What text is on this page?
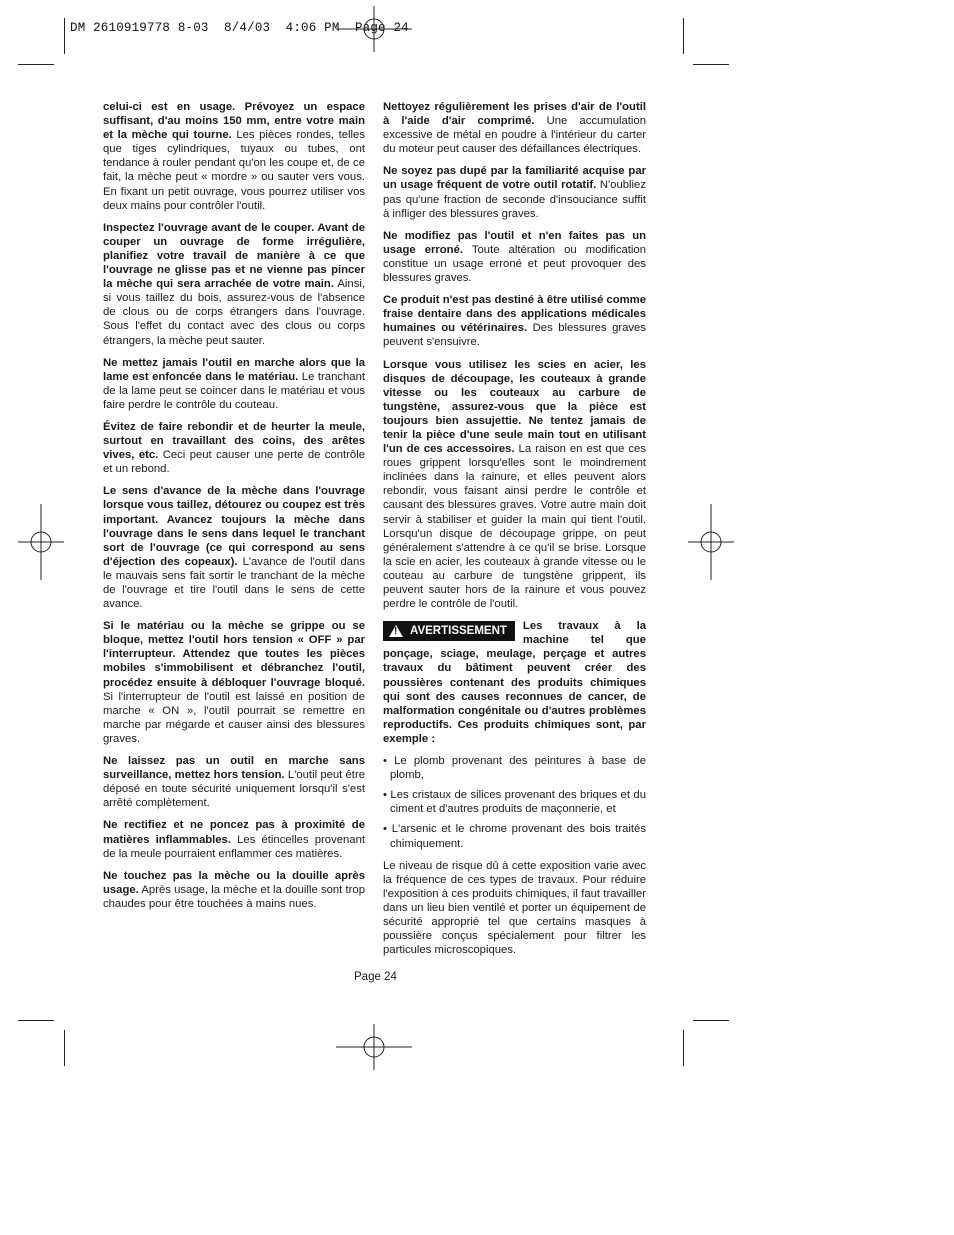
DM 2610919778 8-03  8/4/03  4:06 PM  Page 24

celui-ci est en usage. Prévoyez un espace suffisant, d'au moins 150 mm, entre votre main et la mèche qui tourne. Les pièces rondes, telles que tiges cylindriques, tuyaux ou tubes, ont tendance à rouler pendant qu'on les coupe et, de ce fait, la mèche peut « mordre » ou sauter vers vous. En fixant un petit ouvrage, vous pourrez utiliser vos deux mains pour contrôler l'outil.

Inspectez l'ouvrage avant de le couper. Avant de couper un ouvrage de forme irrégulière, planifiez votre travail de manière à ce que l'ouvrage ne glisse pas et ne vienne pas pincer la mèche qui sera arrachée de votre main. Ainsi, si vous taillez du bois, assurez-vous de l'absence de clous ou de corps étrangers dans l'ouvrage. Sous l'effet du contact avec des clous ou corps étrangers, la mèche peut sauter.

Ne mettez jamais l'outil en marche alors que la lame est enfoncée dans le matériau. Le tranchant de la lame peut se coincer dans le matériau et vous faire perdre le contrôle du couteau.

Évitez de faire rebondir et de heurter la meule, surtout en travaillant des coins, des arêtes vives, etc. Ceci peut causer une perte de contrôle et un rebond.

Le sens d'avance de la mèche dans l'ouvrage lorsque vous taillez, détourez ou coupez est très important. Avancez toujours la mèche dans l'ouvrage dans le sens dans lequel le tranchant sort de l'ouvrage (ce qui correspond au sens d'éjection des copeaux). L'avance de l'outil dans le mauvais sens fait sortir le tranchant de la mèche de l'ouvrage et tire l'outil dans le sens de cette avance.

Si le matériau ou la mèche se grippe ou se bloque, mettez l'outil hors tension « OFF » par l'interrupteur. Attendez que toutes les pièces mobiles s'immobilisent et débranchez l'outil, procédez ensuite à débloquer l'ouvrage bloqué. Si l'interrupteur de l'outil est laissé en position de marche « ON », l'outil pourrait se remettre en marche par mégarde et causer ainsi des blessures graves.

Ne laissez pas un outil en marche sans surveillance, mettez hors tension. L'outil peut être déposé en toute sécurité uniquement lorsqu'il s'est arrêté complètement.

Ne rectifiez et ne poncez pas à proximité de matières inflammables. Les étincelles provenant de la meule pourraient enflammer ces matières.

Ne touchez pas la mèche ou la douille après usage. Après usage, la mèche et la douille sont trop chaudes pour être touchées à mains nues.

Nettoyez régulièrement les prises d'air de l'outil à l'aide d'air comprimé. Une accumulation excessive de métal en poudre à l'intérieur du carter du moteur peut causer des défaillances électriques.

Ne soyez pas dupé par la familiarité acquise par un usage fréquent de votre outil rotatif. N'oubliez pas qu'une fraction de seconde d'insouciance suffit à infliger des blessures graves.

Ne modifiez pas l'outil et n'en faites pas un usage erroné. Toute altération ou modification constitue un usage erroné et peut provoquer des blessures graves.

Ce produit n'est pas destiné à être utilisé comme fraise dentaire dans des applications médicales humaines ou vétérinaires. Des blessures graves peuvent s'ensuivre.

Lorsque vous utilisez les scies en acier, les disques de découpage, les couteaux à grande vitesse ou les couteaux au carbure de tungstène, assurez-vous que la pièce est toujours bien assujettie. Ne tentez jamais de tenir la pièce d'une seule main tout en utilisant l'un de ces accessoires. La raison en est que ces roues grippent lorsqu'elles sont le moindrement inclinées dans la rainure, et elles peuvent alors rebondir, vous faisant ainsi perdre le contrôle et causant des blessures graves. Votre autre main doit servir à stabiliser et guider la main qui tient l'outil. Lorsqu'un disque de découpage grippe, on peut généralement s'attendre à ce qu'il se brise. Lorsque la scie en acier, les couteaux à grande vitesse ou le couteau au carbure de tungstène grippent, ils peuvent sauter hors de la rainure et vous pouvez perdre le contrôle de l'outil.

! AVERTISSEMENT Les travaux à la machine tel que ponçage, sciage, meulage, perçage et autres travaux du bâtiment peuvent créer des poussières contenant des produits chimiques qui sont des causes reconnues de cancer, de malformation congénitale ou d'autres problèmes reproductifs. Ces produits chimiques sont, par exemple :

• Le plomb provenant des peintures à base de plomb,
• Les cristaux de silices provenant des briques et du ciment et d'autres produits de maçonnerie, et
• L'arsenic et le chrome provenant des bois traités chimiquement.

Le niveau de risque dû à cette exposition varie avec la fréquence de ces types de travaux. Pour réduire l'exposition à ces produits chimiques, il faut travailler dans un lieu bien ventilé et porter un équipement de sécurité approprié tel que certains masques à poussière conçus spécialement pour filtrer les particules microscopiques.

Page 24
